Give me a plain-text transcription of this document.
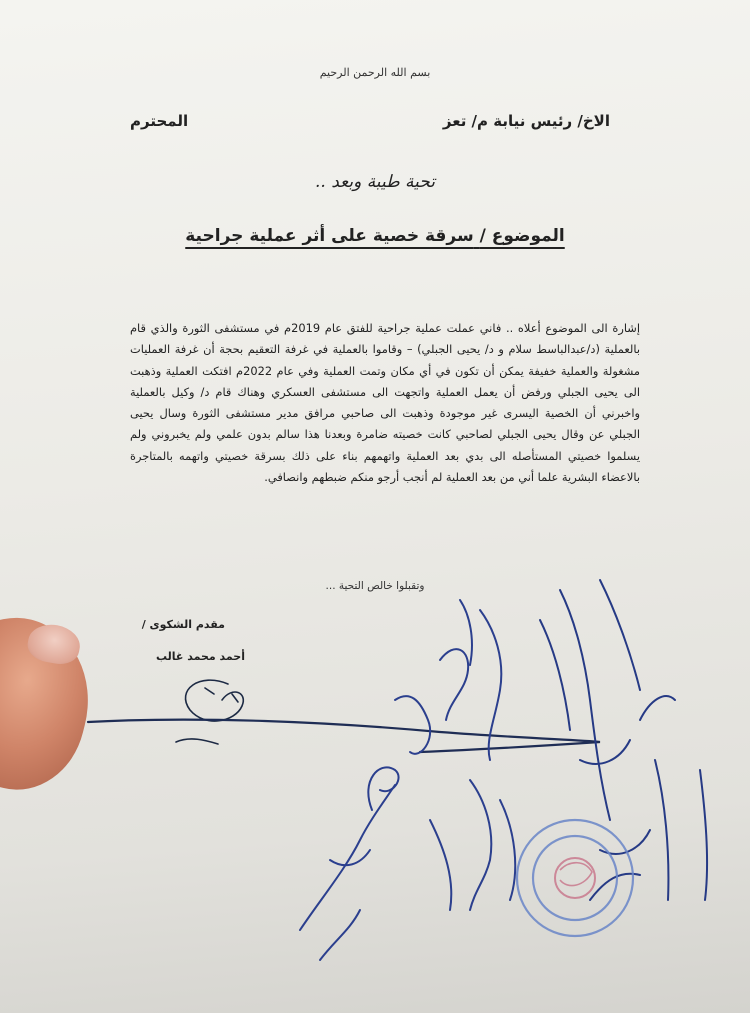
بسم الله الرحمن الرحيم
الاخ/ رئيس نيابة م/ تعز
المحترم
تحية طيبة وبعد ..
الموضوع / سرقة خصية على أثر عملية جراحية
إشارة الى الموضوع أعلاه .. فاني عملت عملية جراحية للفتق عام 2019م في مستشفى الثورة والذي قام بالعملية (د/عبدالباسط سلام و د/ يحيى الجبلي) – وقاموا بالعملية في غرفة التعقيم بحجة أن غرفة العمليات مشغولة والعملية خفيفة يمكن أن تكون في أي مكان وتمت العملية وفي عام 2022م افتكت العملية وذهبت الى يحيى الجبلي ورفض أن يعمل العملية واتجهت الى مستشفى العسكري وهناك قام د/ وكيل بالعملية واخبرني أن الخصية اليسرى غير موجودة وذهبت الى صاحبي مرافق مدير مستشفى الثورة وسال يحيى الجبلي عن وقال يحيى الجبلي لصاحبي كانت خصيته ضامرة وبعدنا هذا سالم بدون علمي ولم يخبروني ولم يسلموا خصيتي المستأصله الى بدي بعد العملية واتهمهم بناء على ذلك بسرقة خصيتي واتهمه بالمتاجرة بالاعضاء البشرية علما أني من بعد العملية لم أنجب أرجو منكم ضبطهم وانصافي.
وتقبلوا خالص التحية ...
مقدم الشكوى /
أحمد محمد غالب
